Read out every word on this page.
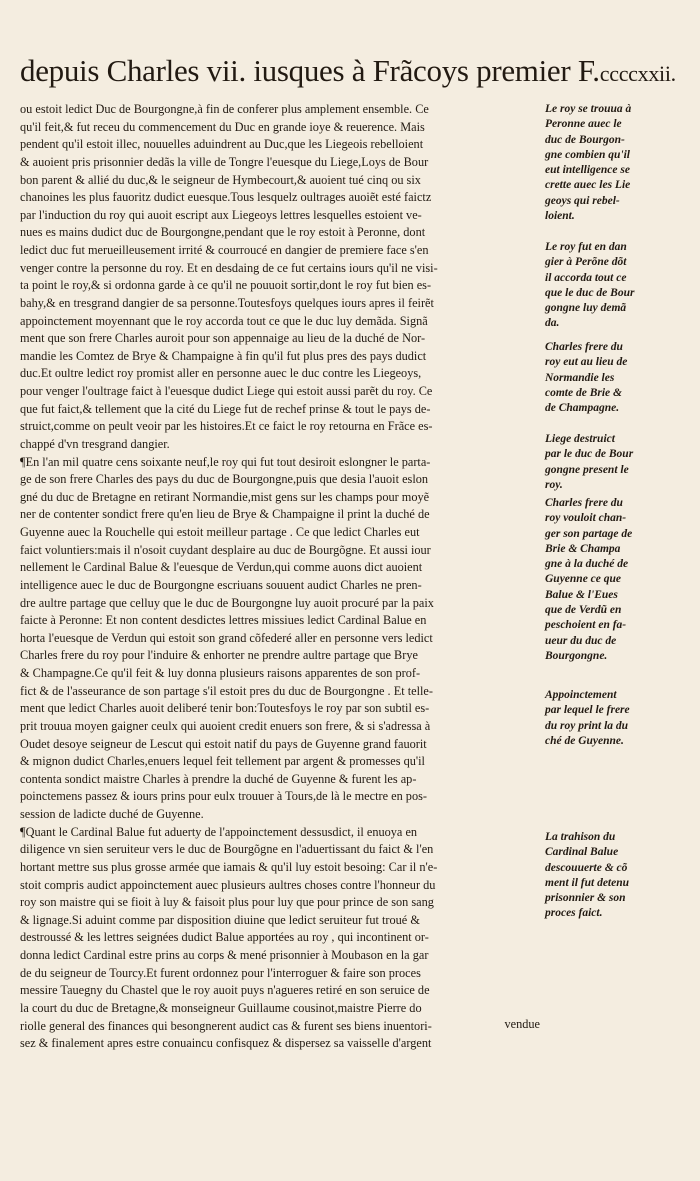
depuis Charles vii. iusques à Frãcoys premier F.ccccxxii.
ou estoit ledict Duc de Bourgongne,à fin de conferer plus amplement ensemble. Ce
qu'il feit,& fut receu du commencement du Duc en grande ioye & reuerence. Mais
pendent qu'il estoit illec, nouuelles aduindrent au Duc,que les Liegeois rebelloient
& auoient pris prisonnier dedãs la ville de Tongre l'euesque du Liege,Loys de Bour
bon parent & allié du duc,& le seigneur de Hymbecourt,& auoient tué cinq ou six
chanoines les plus fauoritz dudict euesque.Tous lesquelz oultrages auoiẽt esté faictz
par l'induction du roy qui auoit escript aux Liegeoys lettres lesquelles estoient ve-
nues es mains dudict duc de Bourgongne,pendant que le roy estoit à Peronne, dont
ledict duc fut merueilleusement irrité & courroucé en dangier de premiere face s'en
venger contre la personne du roy. Et en desdaing de ce fut certains iours qu'il ne visi-
ta point le roy,& si ordonna garde à ce qu'il ne pouuoit sortir,dont le roy fut bien es-
bahy,& en tresgrand dangier de sa personne.Toutesfoys quelques iours apres il feirẽt
appoinctement moyennant que le roy accorda tout ce que le duc luy demãda. Signã
ment que son frere Charles auroit pour son appennaige au lieu de la duché de Nor-
mandie les Comtez de Brye & Champaigne à fin qu'il fut plus pres des pays dudict
duc.Et oultre ledict roy promist aller en personne auec le duc contre les Liegeoys,
pour venger l'oultrage faict à l'euesque dudict Liege qui estoit aussi parẽt du roy. Ce
que fut faict,& tellement que la cité du Liege fut de rechef prinse & tout le pays de-
struict,comme on peult veoir par les histoires.Et ce faict le roy retourna en Frãce es-
chappé d'vn tresgrand dangier.
¶En l'an mil quatre cens soixante neuf,le roy qui fut tout desiroit eslongner le parta-
ge de son frere Charles des pays du duc de Bourgongne,puis que desia l'auoit eslon
gné du duc de Bretagne en retirant Normandie,mist gens sur les champs pour moyẽ
ner de contenter sondict frere qu'en lieu de Brye & Champaigne il print la duché de
Guyenne auec la Rouchelle qui estoit meilleur partage . Ce que ledict Charles eut
faict voluntiers:mais il n'osoit cuydant desplaire au duc de Bourgõgne. Et aussi iour
nellement le Cardinal Balue & l'euesque de Verdun,qui comme auons dict auoient
intelligence auec le duc de Bourgongne escriuans souuent audict Charles ne pren-
dre aultre partage que celluy que le duc de Bourgongne luy auoit procuré par la paix
faicte à Peronne: Et non content desdictes lettres missiues ledict Cardinal Balue en
horta l'euesque de Verdun qui estoit son grand cõfederé aller en personne vers ledict
Charles frere du roy pour l'induire & enhorter ne prendre aultre partage que Brye
& Champagne.Ce qu'il feit & luy donna plusieurs raisons apparentes de son prof-
fict & de l'asseurance de son partage s'il estoit pres du duc de Bourgongne . Et telle-
ment que ledict Charles auoit deliberé tenir bon:Toutesfoys le roy par son subtil es-
prit trouua moyen gaigner ceulx qui auoient credit enuers son frere, & si s'adressa à
Oudet desoye seigneur de Lescut qui estoit natif du pays de Guyenne grand fauorit
& mignon dudict Charles,enuers lequel feit tellement par argent & promesses qu'il
contenta sondict maistre Charles à prendre la duché de Guyenne & furent les ap-
poinctemens passez & iours prins pour eulx trouuer à Tours,de là le mectre en pos-
session de ladicte duché de Guyenne.
¶Quant le Cardinal Balue fut aduerty de l'appoinctement dessusdict, il enuoya en
diligence vn sien seruiteur vers le duc de Bourgõgne en l'aduertissant du faict & l'en
hortant mettre sus plus grosse armée que iamais & qu'il luy estoit besoing: Car il n'e-
stoit compris audict appoinctement auec plusieurs aultres choses contre l'honneur du
roy son maistre qui se fioit à luy & faisoit plus pour luy que pour prince de son sang
& lignage.Si aduint comme par disposition diuine que ledict seruiteur fut troué &
destroussé & les lettres seignées dudict Balue apportées au roy , qui incontinent or-
donna ledict Cardinal estre prins au corps & mené prisonnier à Moubason en la gar
de du seigneur de Tourcy.Et furent ordonnez pour l'interroguer & faire son proces
messire Tauegny du Chastel que le roy auoit puys n'agueres retiré en son seruice de
la court du duc de Bretagne,& monseigneur Guillaume cousinot,maistre Pierre do
riolle general des finances qui besongnerent audict cas & furent ses biens inuentori-
sez & finalement apres estre conuaincu confisquez & dispersez sa vaisselle d'argent
Le roy se trouua à
Peronne auec le
duc de Bourgon-
gne combien qu'il
eut intelligence se
crette auec les Lie
geoys qui rebel-
loient.
Le roy fut en dan
gier à Perõne dõt
il accorda tout ce
que le duc de Bour
gongne luy demã
da.
Charles frere du
roy eut au lieu de
Normandie les
comte de Brie &
de Champagne.
Liege destruict
par le duc de Bour
gongne present le
roy.
Charles frere du
roy vouloit chan-
ger son partage de
Brie & Champa
gne à la duché de
Guyenne ce que
Balue & l'Eues
que de Verdũ en
peschoient en fa-
ueur du duc de
Bourgongne.
Appoinctement
par lequel le frere
du roy print la du
ché de Guyenne.
La trahison du
Cardinal Balue
descouuerte & cõ
ment il fut detenu
prisonnier & son
proces faict.
vendue
